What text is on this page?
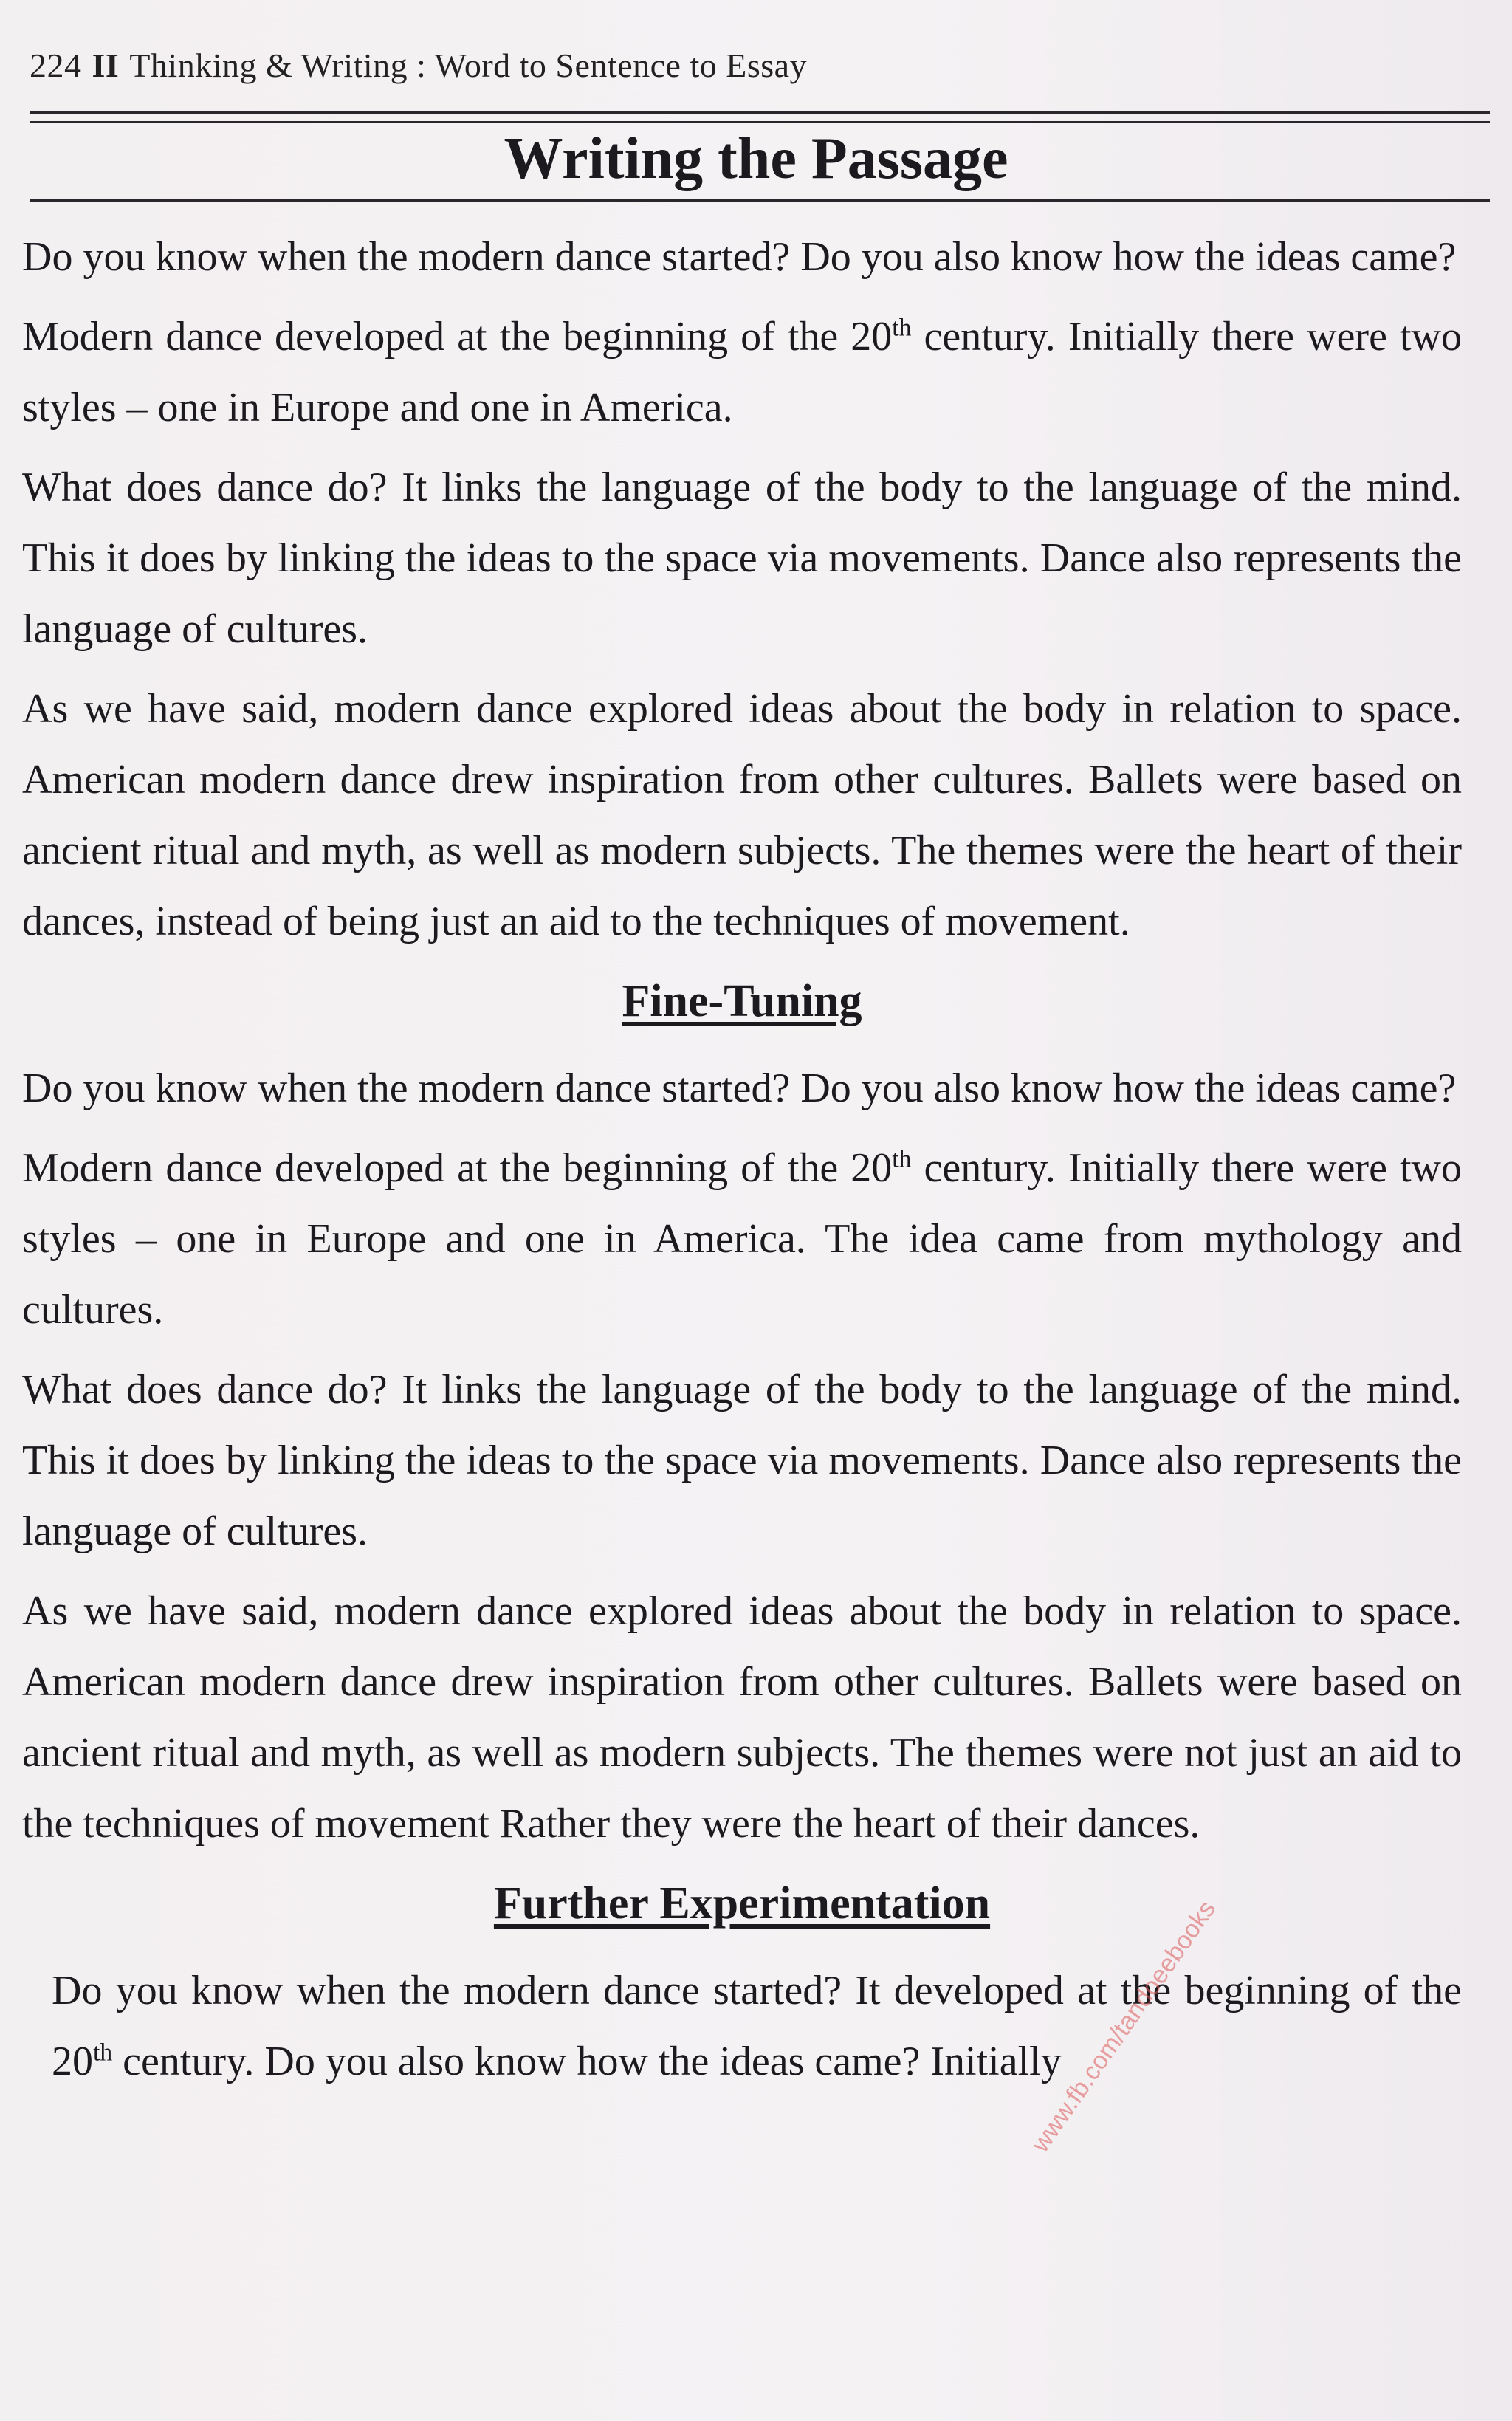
224 II Thinking & Writing : Word to Sentence to Essay
Writing the Passage

Do you know when the modern dance started? Do you also know how the ideas came?

Modern dance developed at the beginning of the 20th century. Initially there were two styles – one in Europe and one in America.

What does dance do? It links the language of the body to the language of the mind. This it does by linking the ideas to the space via movements. Dance also represents the language of cultures.

As we have said, modern dance explored ideas about the body in relation to space. American modern dance drew inspiration from other cultures. Ballets were based on ancient ritual and myth, as well as modern subjects. The themes were the heart of their dances, instead of being just an aid to the techniques of movement.

Fine-Tuning

Do you know when the modern dance started? Do you also know how the ideas came?

Modern dance developed at the beginning of the 20th century. Initially there were two styles – one in Europe and one in America. The idea came from mythology and cultures.

What does dance do? It links the language of the body to the language of the mind. This it does by linking the ideas to the space via movements. Dance also represents the language of cultures.

As we have said, modern dance explored ideas about the body in relation to space. American modern dance drew inspiration from other cultures. Ballets were based on ancient ritual and myth, as well as modern subjects. The themes were not just an aid to the techniques of movement Rather they were the heart of their dances.

Further Experimentation

Do you know when the modern dance started? It developed at the beginning of the 20th century. Do you also know how the ideas came? Initially

www.fb.com/tandoeebooks
